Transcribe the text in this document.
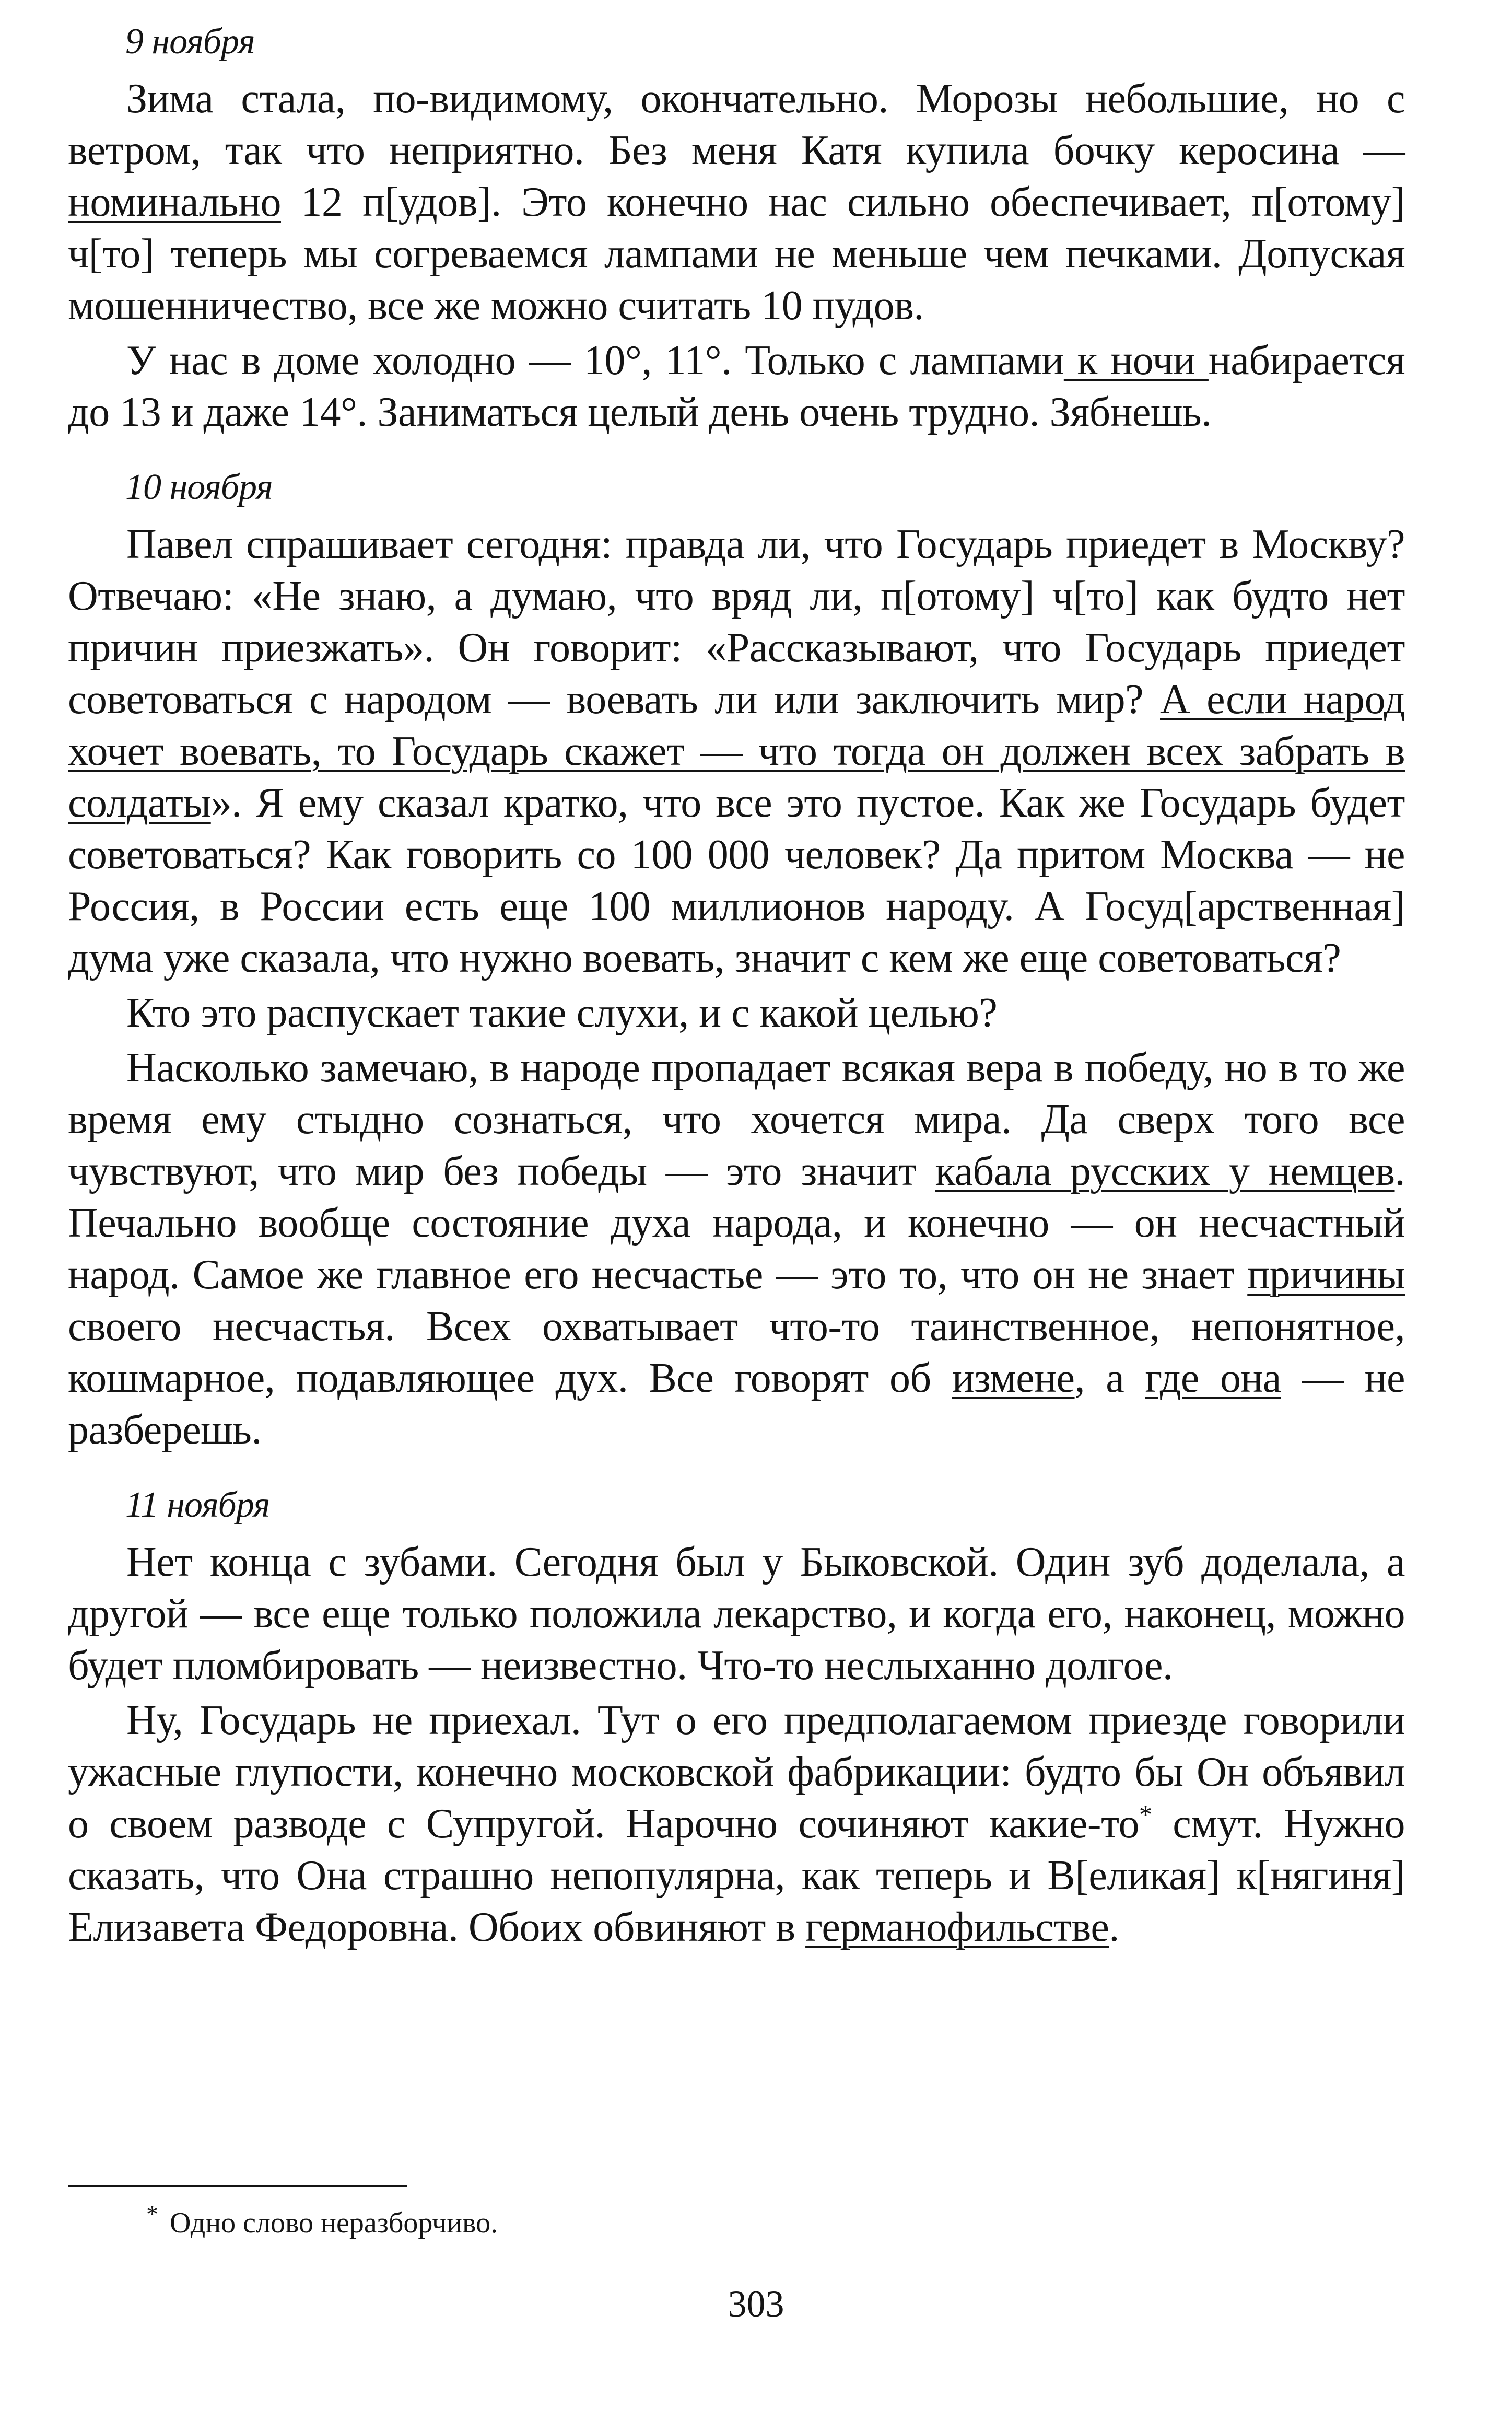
9 ноября

Зима стала, по-видимому, окончательно. Морозы небольшие, но с ветром, так что неприятно. Без меня Катя купила бочку керосина — номинально 12 п[удов]. Это конечно нас сильно обеспечивает, п[отому] ч[то] теперь мы согреваемся лампами не меньше чем печками. Допуская мошенничество, все же можно считать 10 пудов.

У нас в доме холодно — 10°, 11°. Только с лампами к ночи набирается до 13 и даже 14°. Заниматься целый день очень трудно. Зябнешь.

10 ноября

Павел спрашивает сегодня: правда ли, что Государь приедет в Москву? Отвечаю: «Не знаю, а думаю, что вряд ли, п[отому] ч[то] как будто нет причин приезжать». Он говорит: «Рассказывают, что Государь приедет советоваться с народом — воевать ли или заключить мир? А если народ хочет воевать, то Государь скажет — что тогда он должен всех забрать в солдаты». Я ему сказал кратко, что все это пустое. Как же Государь будет советоваться? Как говорить со 100 000 человек? Да притом Москва — не Россия, в России есть еще 100 миллионов народу. А Госуд[арственная] дума уже сказала, что нужно воевать, значит с кем же еще советоваться?

Кто это распускает такие слухи, и с какой целью?

Насколько замечаю, в народе пропадает всякая вера в победу, но в то же время ему стыдно сознаться, что хочется мира. Да сверх того все чувствуют, что мир без победы — это значит кабала русских у немцев. Печально вообще состояние духа народа, и конечно — он несчастный народ. Самое же главное его несчастье — это то, что он не знает причины своего несчастья. Всех охватывает что-то таинственное, непонятное, кошмарное, подавляющее дух. Все говорят об измене, а где она — не разберешь.

11 ноября

Нет конца с зубами. Сегодня был у Быковской. Один зуб доделала, а другой — все еще только положила лекарство, и когда его, наконец, можно будет пломбировать — неизвестно. Что-то неслыханно долгое.

Ну, Государь не приехал. Тут о его предполагаемом приезде говорили ужасные глупости, конечно московской фабрикации: будто бы Он объявил о своем разводе с Супругой. Нарочно сочиняют какие-то* смут. Нужно сказать, что Она страшно непопулярна, как теперь и В[еликая] к[нягиня] Елизавета Федоровна. Обоих обвиняют в германофильстве.

* Одно слово неразборчиво.
303
